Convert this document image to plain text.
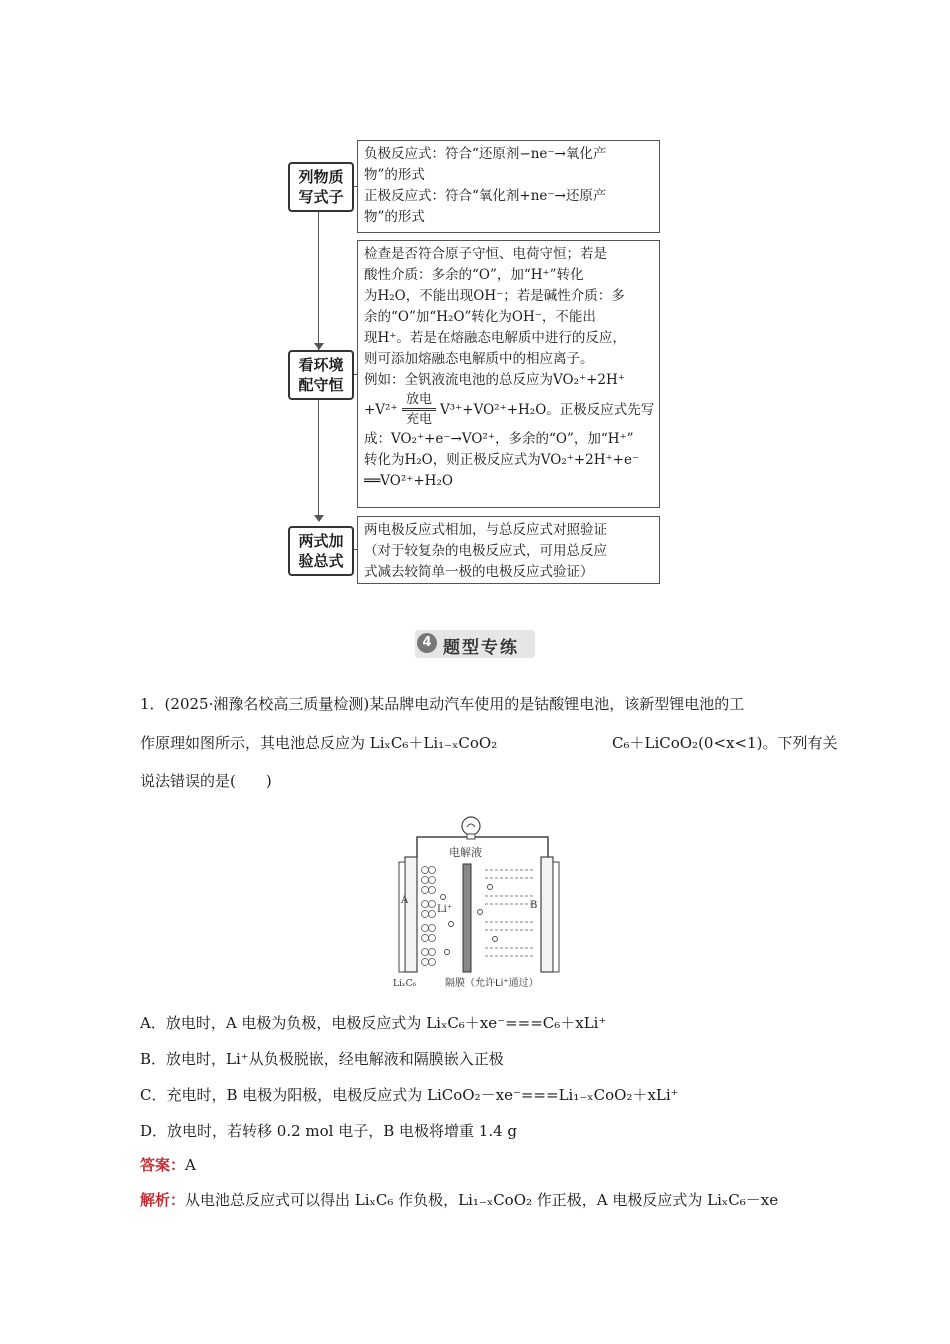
列物质
写式子
负极反应式：符合“还原剂−ne⁻→氧化产
物”的形式
正极反应式：符合“氧化剂+ne⁻→还原产
物”的形式
看环境
配守恒
检查是否符合原子守恒、电荷守恒；若是
酸性介质：多余的“O”，加“H⁺”转化
为H₂O，不能出现OH⁻；若是碱性介质：多
余的“O”加“H₂O”转化为OH⁻，不能出
现H⁺。若是在熔融态电解质中进行的反应，
则可添加熔融态电解质中的相应离子。
例如：全钒液流电池的总反应为VO₂⁺+2H⁺
+V²⁺
放电
充电
V³⁺+VO²⁺+H₂O。正极反应式先写
成：VO₂⁺+e⁻→VO²⁺，多余的“O”，加“H⁺”
转化为H₂O，则正极反应式为VO₂⁺+2H⁺+e⁻
══VO²⁺+H₂O
两式加
验总式
两电极反应式相加，与总反应式对照验证
（对于较复杂的电极反应式，可用总反应
式减去较简单一极的电极反应式验证）
4 题型专练
1．(2025·湘豫名校高三质量检测)某品牌电动汽车使用的是钴酸锂电池，该新型锂电池的工
作原理如图所示，其电池总反应为 LiₓC₆＋Li₁₋ₓCoO₂	C₆＋LiCoO₂(0<x<1)。下列有关
说法错误的是(　　)
电解液
A	B
Li⁺
LiₓC₆	隔膜（允许Li⁺通过）
A．放电时，A 电极为负极，电极反应式为 LiₓC₆＋xe⁻===C₆＋xLi⁺
B．放电时，Li⁺从负极脱嵌，经电解液和隔膜嵌入正极
C．充电时，B 电极为阳极，电极反应式为 LiCoO₂－xe⁻===Li₁₋ₓCoO₂＋xLi⁺
D．放电时，若转移 0.2 mol 电子，B 电极将增重 1.4 g
答案：A
解析：从电池总反应式可以得出 LiₓC₆ 作负极，Li₁₋ₓCoO₂ 作正极，A 电极反应式为 LiₓC₆－xe
